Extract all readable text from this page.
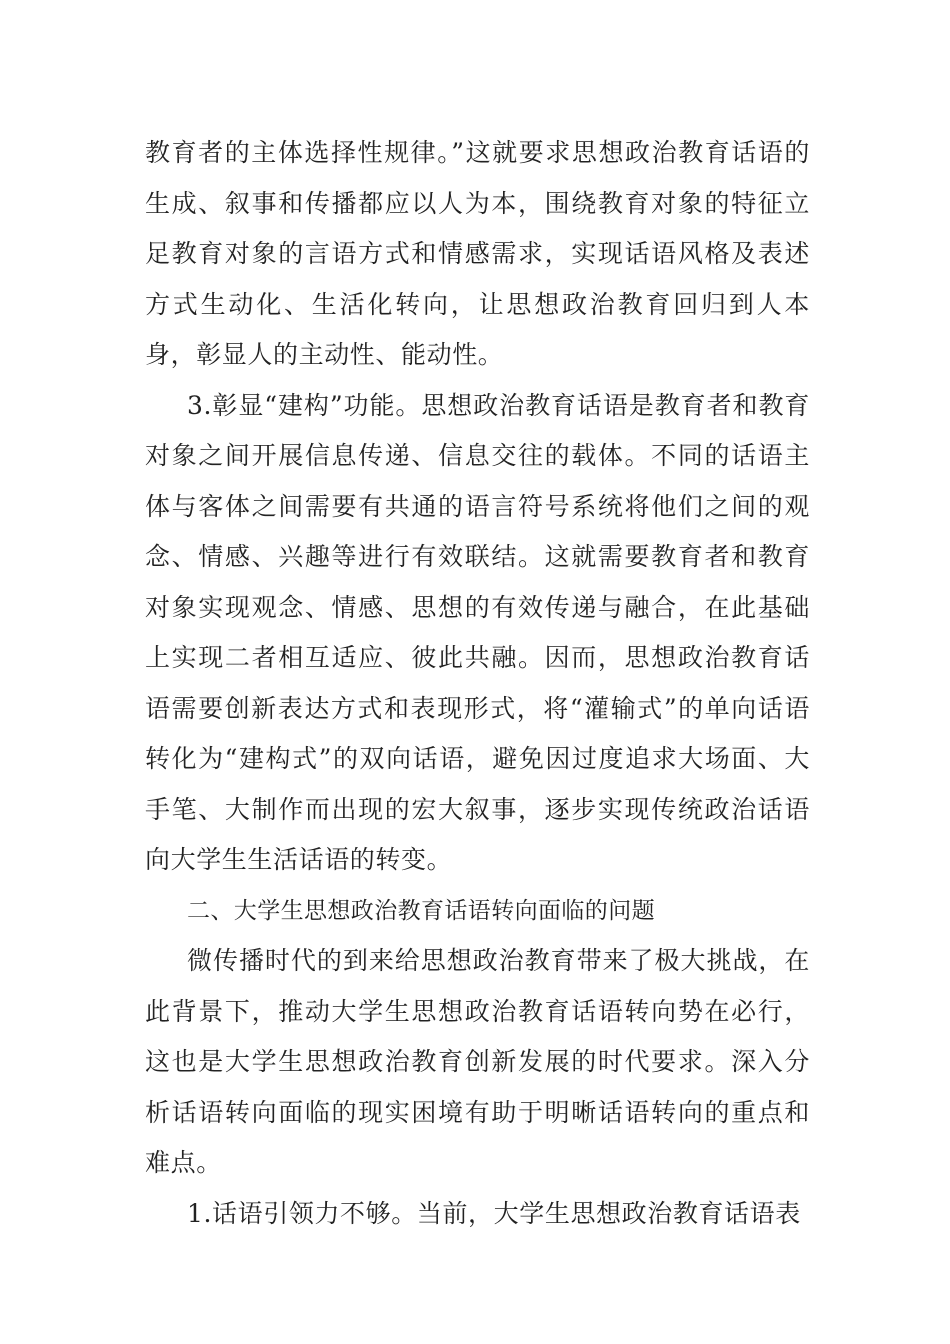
教育者的主体选择性规律。”这就要求思想政治教育话语的生成、叙事和传播都应以人为本，围绕教育对象的特征立足教育对象的言语方式和情感需求，实现话语风格及表述方式生动化、生活化转向，让思想政治教育回归到人本身，彰显人的主动性、能动性。

3.彰显“建构”功能。思想政治教育话语是教育者和教育对象之间开展信息传递、信息交往的载体。不同的话语主体与客体之间需要有共通的语言符号系统将他们之间的观念、情感、兴趣等进行有效联结。这就需要教育者和教育对象实现观念、情感、思想的有效传递与融合，在此基础上实现二者相互适应、彼此共融。因而，思想政治教育话语需要创新表达方式和表现形式，将“灌输式”的单向话语转化为“建构式”的双向话语，避免因过度追求大场面、大手笔、大制作而出现的宏大叙事，逐步实现传统政治话语向大学生生活话语的转变。

二、大学生思想政治教育话语转向面临的问题

微传播时代的到来给思想政治教育带来了极大挑战，在此背景下，推动大学生思想政治教育话语转向势在必行，这也是大学生思想政治教育创新发展的时代要求。深入分析话语转向面临的现实困境有助于明晰话语转向的重点和难点。

1.话语引领力不够。当前，大学生思想政治教育话语表
